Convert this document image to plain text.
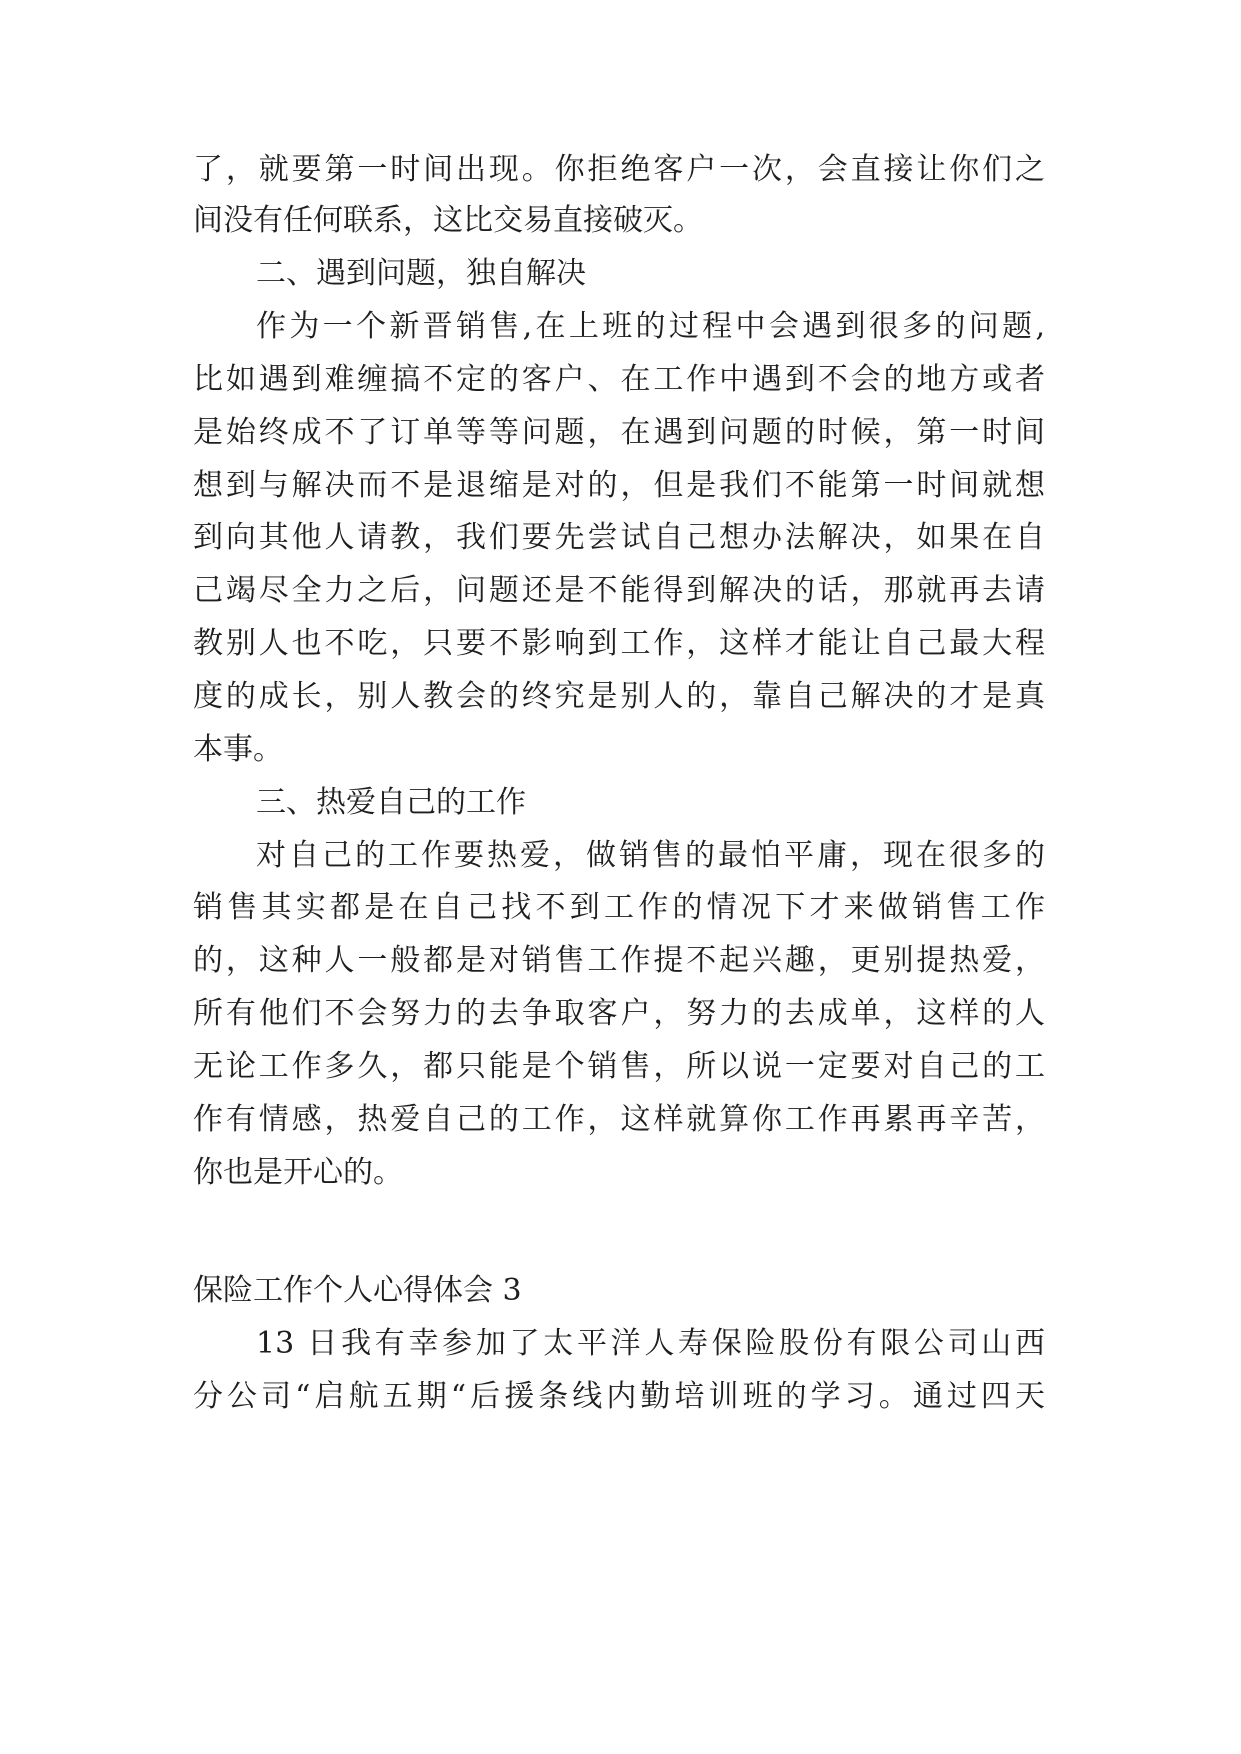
了，就要第一时间出现。你拒绝客户一次，会直接让你们之

间没有任何联系，这比交易直接破灭。

二、遇到问题，独自解决

作为一个新晋销售,在上班的过程中会遇到很多的问题,

比如遇到难缠搞不定的客户、在工作中遇到不会的地方或者

是始终成不了订单等等问题，在遇到问题的时候，第一时间

想到与解决而不是退缩是对的，但是我们不能第一时间就想

到向其他人请教，我们要先尝试自己想办法解决，如果在自

己竭尽全力之后，问题还是不能得到解决的话，那就再去请

教别人也不吃，只要不影响到工作，这样才能让自己最大程

度的成长，别人教会的终究是别人的，靠自己解决的才是真

本事。

三、热爱自己的工作

对自己的工作要热爱，做销售的最怕平庸，现在很多的

销售其实都是在自己找不到工作的情况下才来做销售工作

的，这种人一般都是对销售工作提不起兴趣，更别提热爱，

所有他们不会努力的去争取客户，努力的去成单，这样的人

无论工作多久，都只能是个销售，所以说一定要对自己的工

作有情感，热爱自己的工作，这样就算你工作再累再辛苦，

你也是开心的。

保险工作个人心得体会 3

13 日我有幸参加了太平洋人寿保险股份有限公司山西

分公司“启航五期“后援条线内勤培训班的学习。通过四天
